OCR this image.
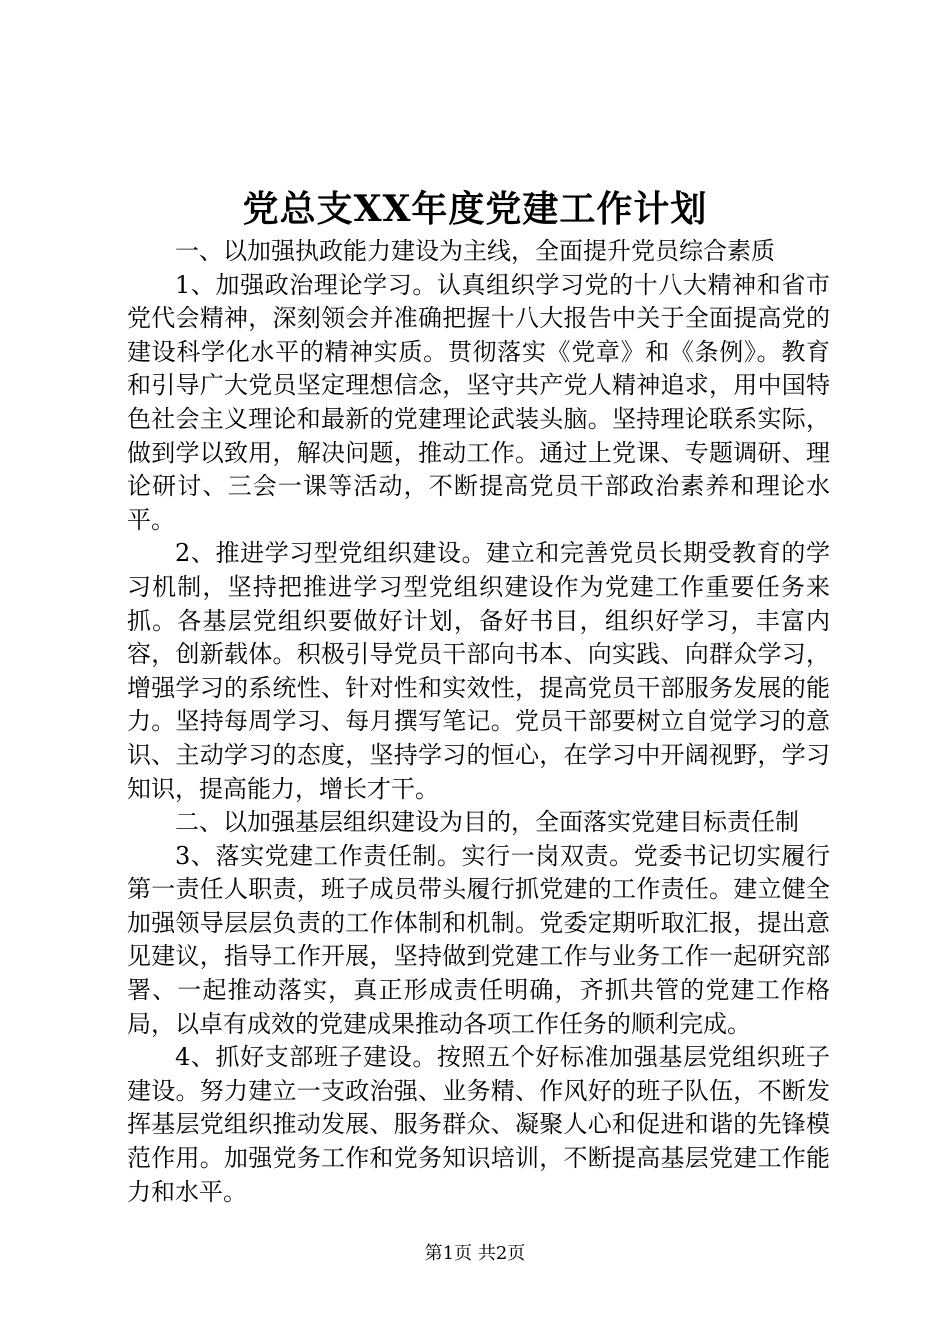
党总支XX年度党建工作计划

一、以加强执政能力建设为主线，全面提升党员综合素质

1、加强政治理论学习。认真组织学习党的十八大精神和省市党代会精神，深刻领会并准确把握十八大报告中关于全面提高党的建设科学化水平的精神实质。贯彻落实《党章》和《条例》。教育和引导广大党员坚定理想信念，坚守共产党人精神追求，用中国特色社会主义理论和最新的党建理论武装头脑。坚持理论联系实际，做到学以致用，解决问题，推动工作。通过上党课、专题调研、理论研讨、三会一课等活动，不断提高党员干部政治素养和理论水平。

2、推进学习型党组织建设。建立和完善党员长期受教育的学习机制，坚持把推进学习型党组织建设作为党建工作重要任务来抓。各基层党组织要做好计划，备好书目，组织好学习，丰富内容，创新载体。积极引导党员干部向书本、向实践、向群众学习，增强学习的系统性、针对性和实效性，提高党员干部服务发展的能力。坚持每周学习、每月撰写笔记。党员干部要树立自觉学习的意识、主动学习的态度，坚持学习的恒心，在学习中开阔视野，学习知识，提高能力，增长才干。

二、以加强基层组织建设为目的，全面落实党建目标责任制

3、落实党建工作责任制。实行一岗双责。党委书记切实履行第一责任人职责，班子成员带头履行抓党建的工作责任。建立健全加强领导层层负责的工作体制和机制。党委定期听取汇报，提出意见建议，指导工作开展，坚持做到党建工作与业务工作一起研究部署、一起推动落实，真正形成责任明确，齐抓共管的党建工作格局，以卓有成效的党建成果推动各项工作任务的顺利完成。

4、抓好支部班子建设。按照五个好标准加强基层党组织班子建设。努力建立一支政治强、业务精、作风好的班子队伍，不断发挥基层党组织推动发展、服务群众、凝聚人心和促进和谐的先锋模范作用。加强党务工作和党务知识培训，不断提高基层党建工作能力和水平。

第1页 共2页
